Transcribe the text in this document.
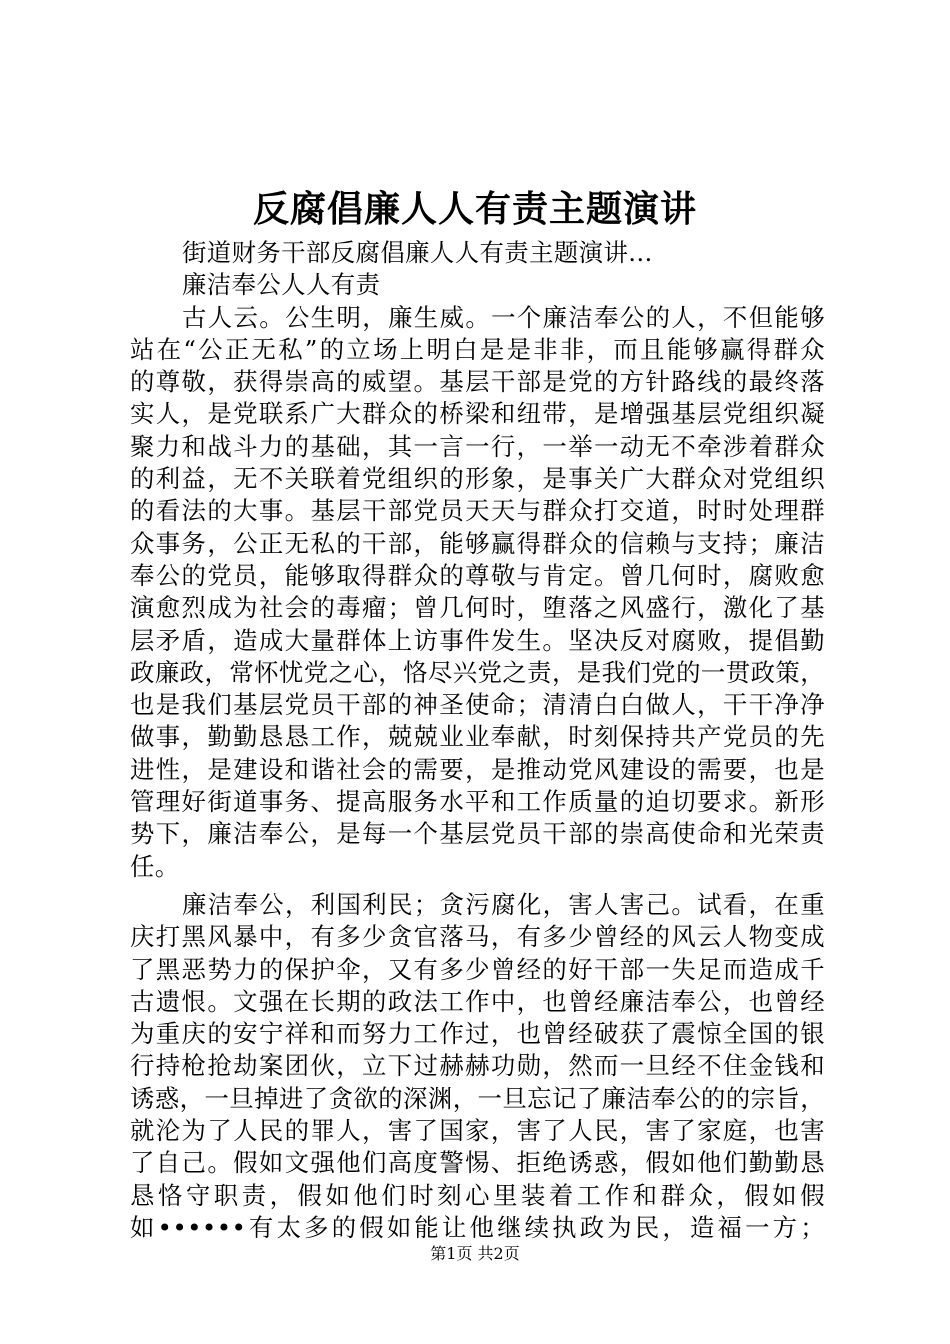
反腐倡廉人人有责主题演讲
街道财务干部反腐倡廉人人有责主题演讲...
廉洁奉公人人有责
古人云。公生明，廉生威。一个廉洁奉公的人，不但能够
站在“公正无私”的立场上明白是是非非，而且能够赢得群众
的尊敬，获得崇高的威望。基层干部是党的方针路线的最终落
实人，是党联系广大群众的桥梁和纽带，是增强基层党组织凝
聚力和战斗力的基础，其一言一行，一举一动无不牵涉着群众
的利益，无不关联着党组织的形象，是事关广大群众对党组织
的看法的大事。基层干部党员天天与群众打交道，时时处理群
众事务，公正无私的干部，能够赢得群众的信赖与支持；廉洁
奉公的党员，能够取得群众的尊敬与肯定。曾几何时，腐败愈
演愈烈成为社会的毒瘤；曾几何时，堕落之风盛行，激化了基
层矛盾，造成大量群体上访事件发生。坚决反对腐败，提倡勤
政廉政，常怀忧党之心，恪尽兴党之责，是我们党的一贯政策，
也是我们基层党员干部的神圣使命；清清白白做人，干干净净
做事，勤勤恳恳工作，兢兢业业奉献，时刻保持共产党员的先
进性，是建设和谐社会的需要，是推动党风建设的需要，也是
管理好街道事务、提高服务水平和工作质量的迫切要求。新形
势下，廉洁奉公，是每一个基层党员干部的崇高使命和光荣责
任。
廉洁奉公，利国利民；贪污腐化，害人害己。试看，在重
庆打黑风暴中，有多少贪官落马，有多少曾经的风云人物变成
了黑恶势力的保护伞，又有多少曾经的好干部一失足而造成千
古遗恨。文强在长期的政法工作中，也曾经廉洁奉公，也曾经
为重庆的安宁祥和而努力工作过，也曾经破获了震惊全国的银
行持枪抢劫案团伙，立下过赫赫功勋，然而一旦经不住金钱和
诱惑，一旦掉进了贪欲的深渊，一旦忘记了廉洁奉公的的宗旨，
就沦为了人民的罪人，害了国家，害了人民，害了家庭，也害
了自己。假如文强他们高度警惕、拒绝诱惑，假如他们勤勤恳
恳恪守职责，假如他们时刻心里装着工作和群众，假如假
如••••••有太多的假如能让他继续执政为民，造福一方；
第1页 共2页
